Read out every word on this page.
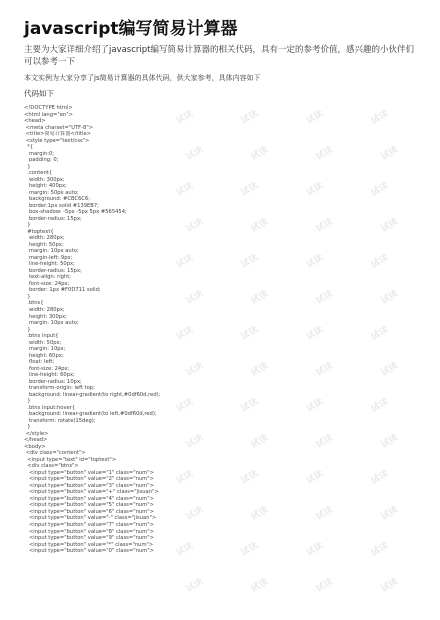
试读	试读	试读	试读
试读	试读	试读	试读
试读	试读	试读	试读
试读	试读	试读	试读
试读	试读	试读	试读
试读	试读	试读	试读
试读	试读	试读	试读
试读	试读	试读	试读
试读	试读	试读	试读
试读	试读	试读	试读
试读	试读	试读	试读
试读	试读	试读	试读
试读	试读	试读	试读
试读	试读	试读	试读
javascript编写简易计算器

主要为大家详细介绍了javascript编写简易计算器的相关代码，具有一定的参考价值，感兴趣的小伙伴们可以参考一下

本文实例为大家分享了js简易计算器的具体代码，供大家参考，具体内容如下

代码如下

<!DOCTYPE html>
<html lang="en">
<head>
<meta charset="UTF-8">
<title>简易计算器</title>
<style type="text/css">
*{
margin:0;
padding: 0;
}
.content{
width: 300px;
height: 400px;
margin: 50px auto;
background: #CBC6C6;
border:1px solid #139EB7;
box-shadow: -5px -5px 5px #565454;
border-radius: 15px;
}
#toptext{
width: 280px;
height: 50px;
margin: 10px auto;
margin-left: 9px;
line-height: 50px;
border-radius: 15px;
text-align: right;
font-size: 24px;
border: 1px #F0D711 solid;
}
.btns{
width: 280px;
height: 300px;
margin: 10px auto;
}
.btns input{
width: 50px;
margin: 10px;
height: 60px;
float: left;
font-size: 24px;
line-height: 60px;
border-radius: 10px;
transform-origin: left top;
background: linear-gradient(to right,#0df60d,red);
}
.btns input:hover{
background: linear-gradient(to left,#0df60d,red);
transform: rotate(15deg);
}
</style>
</head>
<body>
<div class="content">
<input type="text" id="toptext">
<div class="btns">
<input type="button" value="1" class="num">
<input type="button" value="2" class="num">
<input type="button" value="3" class="num">
<input type="button" value="+" class="jisuan">
<input type="button" value="4" class="num">
<input type="button" value="5" class="num">
<input type="button" value="6" class="num">
<input type="button" value="-" class="jisuan">
<input type="button" value="7" class="num">
<input type="button" value="8" class="num">
<input type="button" value="9" class="num">
<input type="button" value="*" class="num">
<input type="button" value="0" class="num">
